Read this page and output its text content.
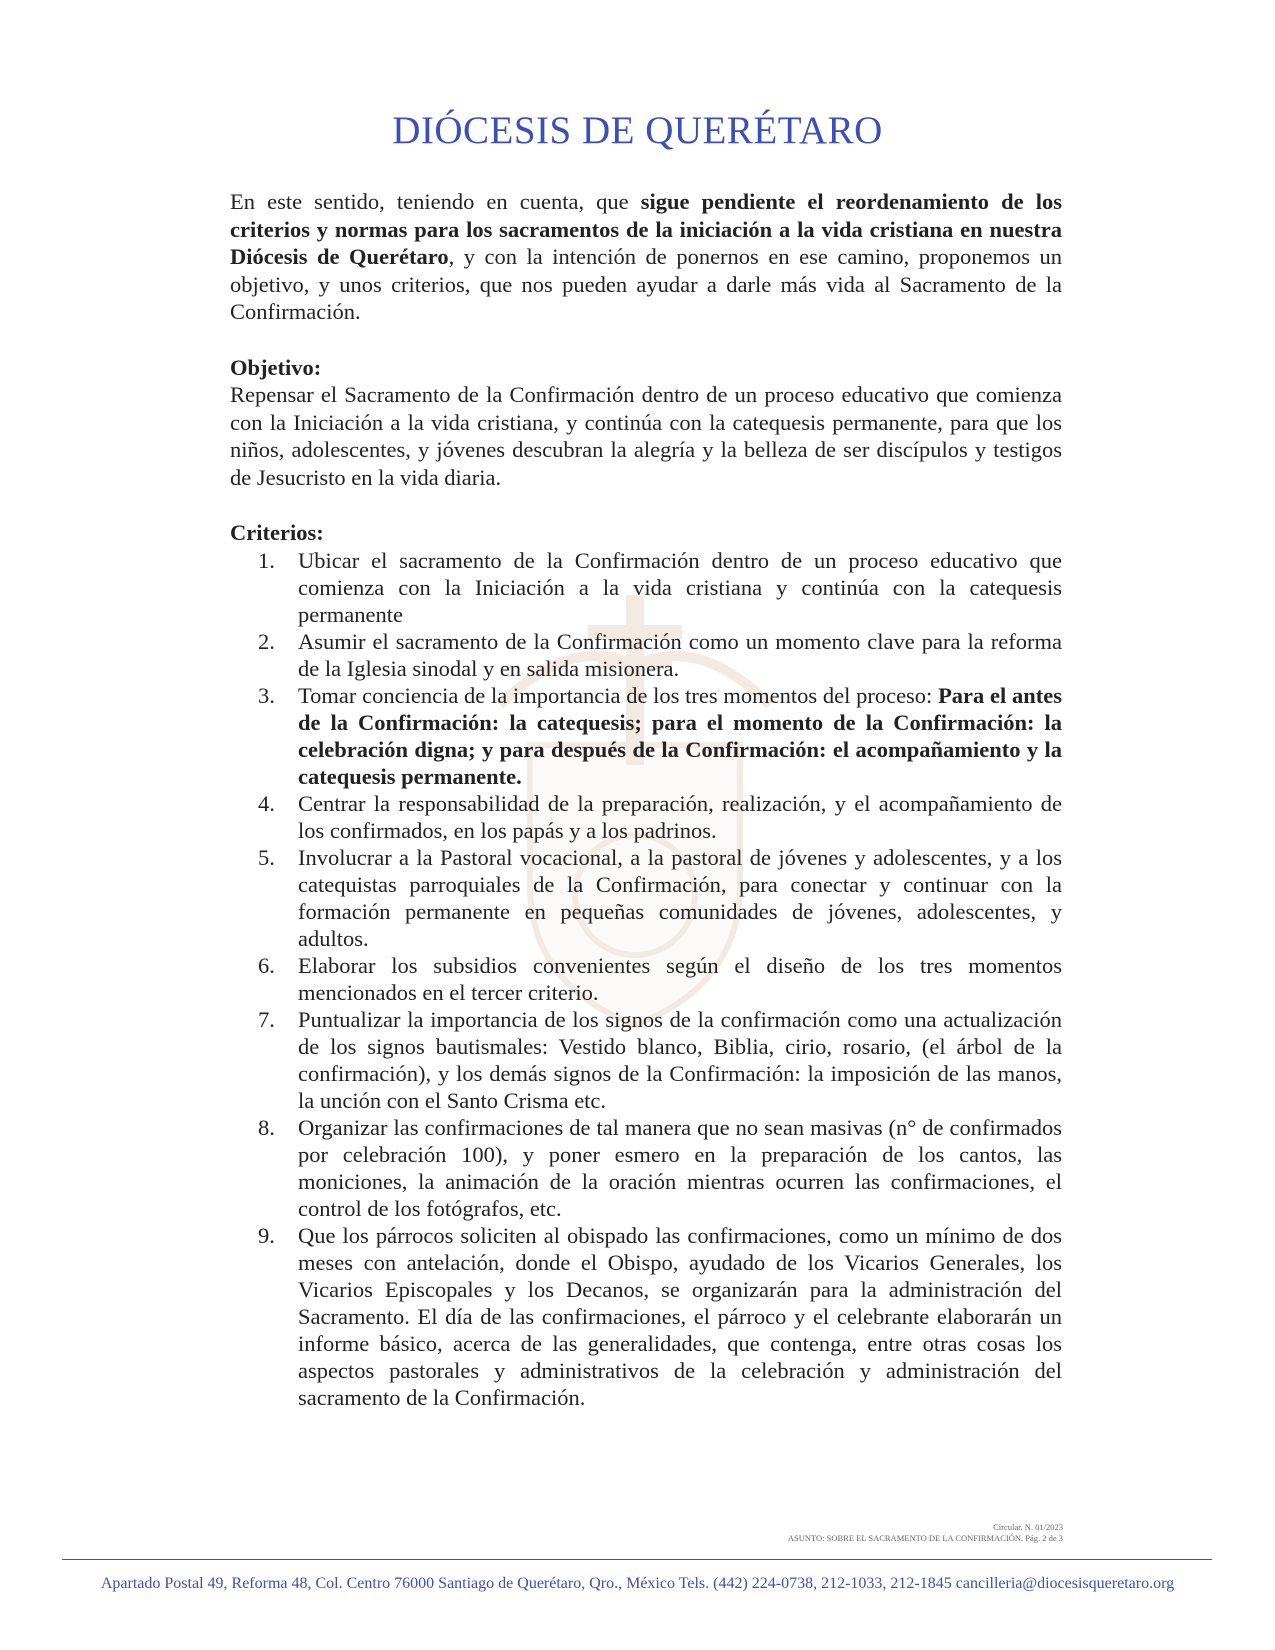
DIÓCESIS DE QUERÉTARO

En este sentido, teniendo en cuenta, que sigue pendiente el reordenamiento de los criterios y normas para los sacramentos de la iniciación a la vida cristiana en nuestra Diócesis de Querétaro, y con la intención de ponernos en ese camino, proponemos un objetivo, y unos criterios, que nos pueden ayudar a darle más vida al Sacramento de la Confirmación.

Objetivo:

Repensar el Sacramento de la Confirmación dentro de un proceso educativo que comienza con la Iniciación a la vida cristiana, y continúa con la catequesis permanente, para que los niños, adolescentes, y jóvenes descubran la alegría y la belleza de ser discípulos y testigos de Jesucristo en la vida diaria.

Criterios:
1. Ubicar el sacramento de la Confirmación dentro de un proceso educativo que comienza con la Iniciación a la vida cristiana y continúa con la catequesis permanente
2. Asumir el sacramento de la Confirmación como un momento clave para la reforma de la Iglesia sinodal y en salida misionera.
3. Tomar conciencia de la importancia de los tres momentos del proceso: Para el antes de la Confirmación: la catequesis; para el momento de la Confirmación: la celebración digna; y para después de la Confirmación: el acompañamiento y la catequesis permanente.
4. Centrar la responsabilidad de la preparación, realización, y el acompañamiento de los confirmados, en los papás y a los padrinos.
5. Involucrar a la Pastoral vocacional, a la pastoral de jóvenes y adolescentes, y a los catequistas parroquiales de la Confirmación, para conectar y continuar con la formación permanente en pequeñas comunidades de jóvenes, adolescentes, y adultos.
6. Elaborar los subsidios convenientes según el diseño de los tres momentos mencionados en el tercer criterio.
7. Puntualizar la importancia de los signos de la confirmación como una actualización de los signos bautismales: Vestido blanco, Biblia, cirio, rosario, (el árbol de la confirmación), y los demás signos de la Confirmación: la imposición de las manos, la unción con el Santo Crisma etc.
8. Organizar las confirmaciones de tal manera que no sean masivas (n° de confirmados por celebración 100), y poner esmero en la preparación de los cantos, las moniciones, la animación de la oración mientras ocurren las confirmaciones, el control de los fotógrafos, etc.
9. Que los párrocos soliciten al obispado las confirmaciones, como un mínimo de dos meses con antelación, donde el Obispo, ayudado de los Vicarios Generales, los Vicarios Episcopales y los Decanos, se organizarán para la administración del Sacramento. El día de las confirmaciones, el párroco y el celebrante elaborarán un informe básico, acerca de las generalidades, que contenga, entre otras cosas los aspectos pastorales y administrativos de la celebración y administración del sacramento de la Confirmación.
Circular. N. 01/2023
ASUNTO: SOBRE EL SACRAMENTO DE LA CONFIRMACIÓN. Pág. 2 de 3
Apartado Postal 49, Reforma 48, Col. Centro 76000 Santiago de Querétaro, Qro., México Tels. (442) 224-0738, 212-1033, 212-1845 cancilleria@diocesisqueretaro.org
